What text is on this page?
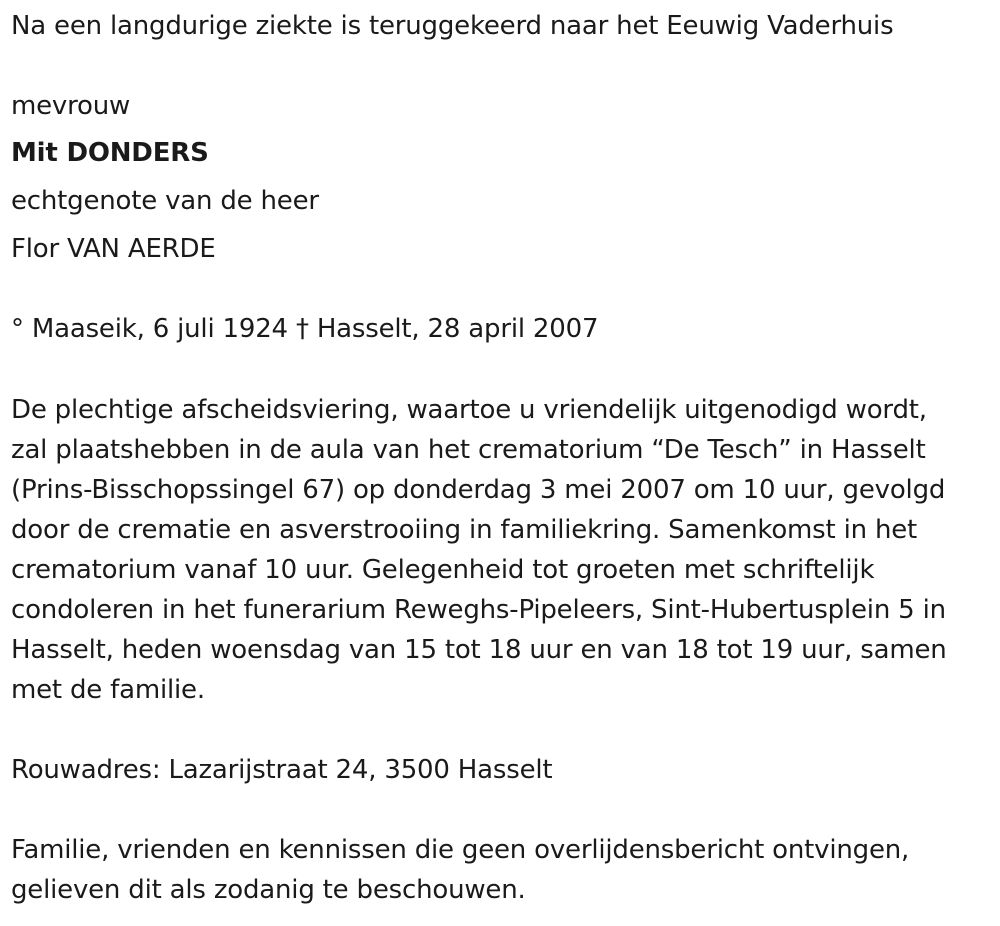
Na een langdurige ziekte is teruggekeerd naar het Eeuwig Vaderhuis
mevrouw
Mit DONDERS
echtgenote van de heer
Flor VAN AERDE
° Maaseik, 6 juli 1924 † Hasselt, 28 april 2007
De plechtige afscheidsviering, waartoe u vriendelijk uitgenodigd wordt,
zal plaatshebben in de aula van het crematorium “De Tesch” in Hasselt
(Prins-Bisschopssingel 67) op donderdag 3 mei 2007 om 10 uur, gevolgd
door de crematie en asverstrooiing in familiekring. Samenkomst in het
crematorium vanaf 10 uur. Gelegenheid tot groeten met schriftelijk
condoleren in het funerarium Reweghs-Pipeleers, Sint-Hubertusplein 5 in
Hasselt, heden woensdag van 15 tot 18 uur en van 18 tot 19 uur, samen
met de familie.
Rouwadres: Lazarijstraat 24, 3500 Hasselt
Familie, vrienden en kennissen die geen overlijdensbericht ontvingen,
gelieven dit als zodanig te beschouwen.
